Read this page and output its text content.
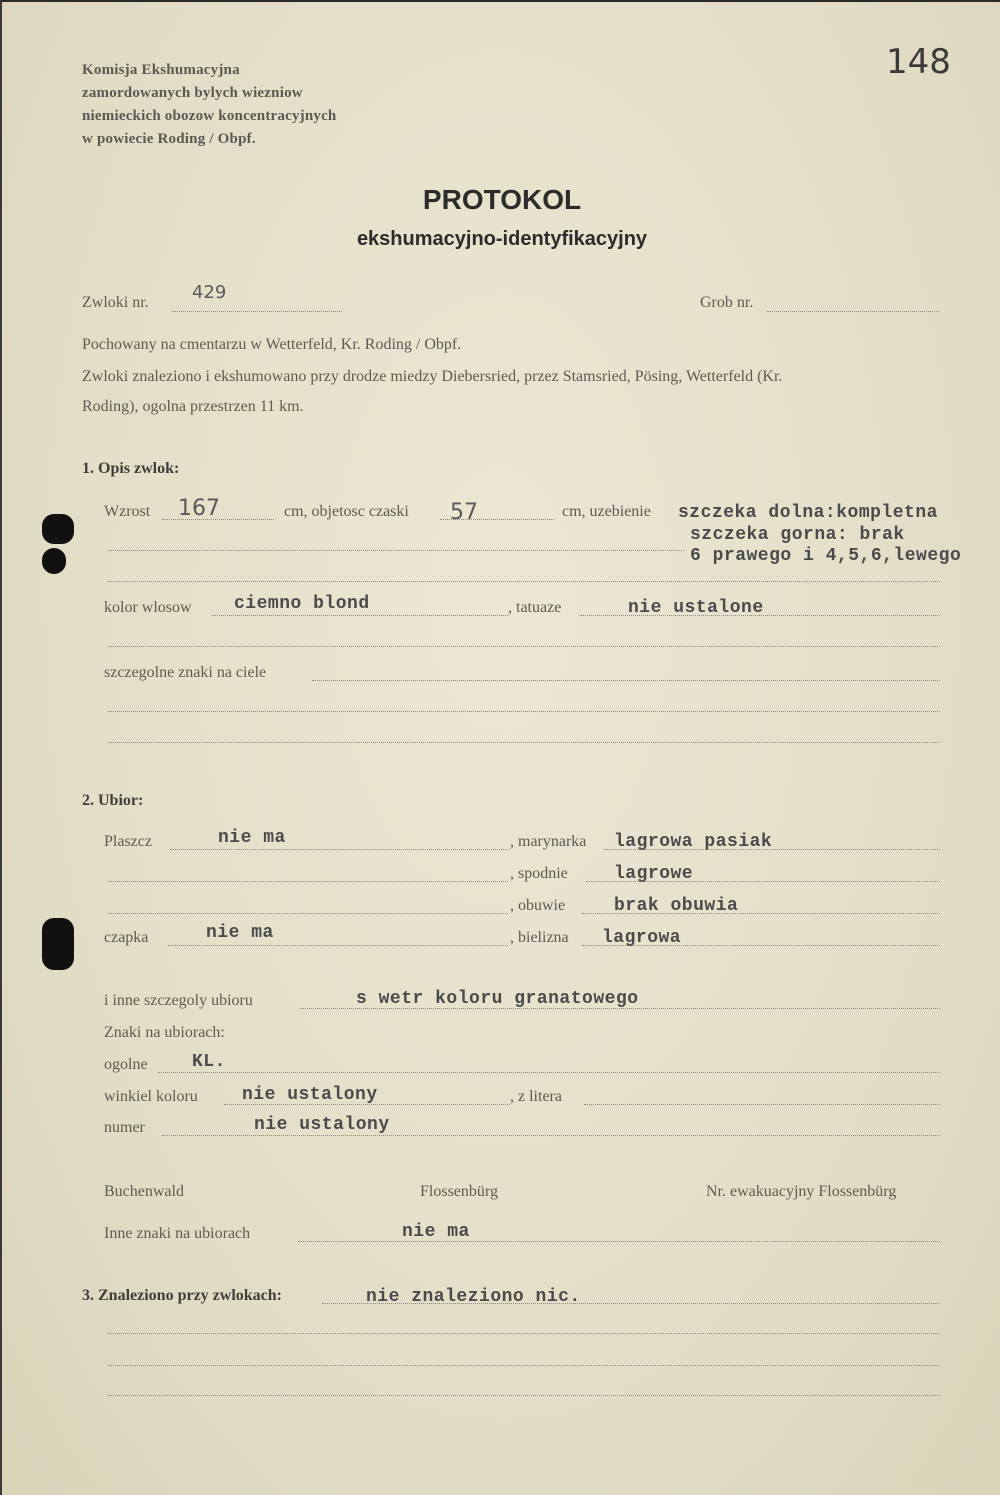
Komisja Ekshumacyjna
zamordowanych bylych wiezniow
niemieckich obozow koncentracyjnych
w powiecie Roding / Obpf.
148
PROTOKOL
ekshumacyjno-identyfikacyjny
Zwloki nr. 429	Grob nr.
Pochowany na cmentarzu w Wetterfeld, Kr. Roding / Obpf.
Zwloki znaleziono i ekshumowano przy drodze miedzy Diebersried, przez Stamsried, Pösing, Wetterfeld (Kr.
Roding), ogolna przestrzen 11 km.
1. Opis zwlok:
Wzrost 167	cm, objetosc czaski 57	cm, uzebienie szczeka dolna:kompletna
szczeka gorna: brak
6 prawego i 4,5,6,lewego
kolor wlosow ciemno blond	, tatuaze	nie ustalone
szczegolne znaki na ciele
2. Ubior:
Plaszcz	nie ma	, marynarka lagrowa pasiak
, spodnie	lagrowe
, obuwie	brak obuwia
czapka	nie ma	, bielizna lagrowa
i inne szczegoly ubioru	s wetr koloru granatowego
Znaki na ubiorach:
ogolne KL.
winkiel koloru nie ustalony	, z litera
numer	nie ustalony
Buchenwald	Flossenbürg	Nr. ewakuacyjny Flossenbürg
Inne znaki na ubiorach	nie ma
3. Znaleziono przy zwlokach:	nie znaleziono nic.
